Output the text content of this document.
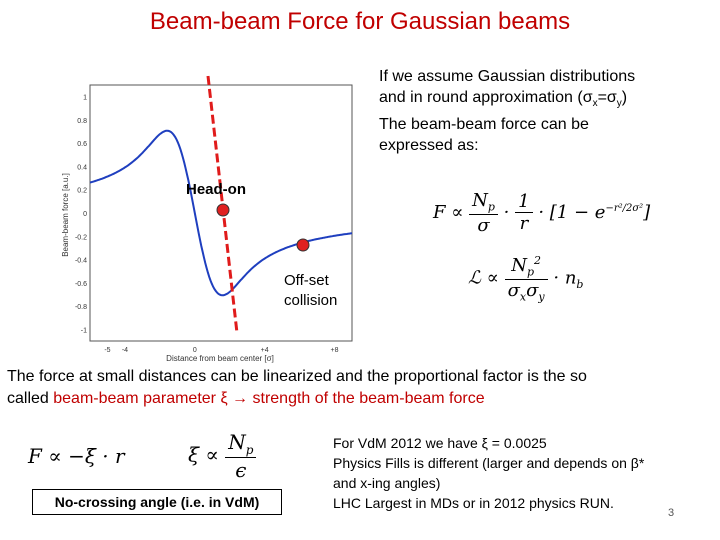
Beam-beam Force for Gaussian beams
If we assume Gaussian distributions
and in round approximation $(\sigma_x=\sigma_y)$
The beam-beam force can be
expressed as:
1
0.8
0.6
0.4
0.2
0
-0.2
-0.4
-0.6
-0.8
-1
-5 -4	0	+4	+8
Beam-beam force [a.u.]
Distance from beam center [σ]
Head-on
Off-set
collision
$F \propto \frac{N_p}{\sigma} \cdot \frac{1}{r} \cdot [1 - e^{-r^2/2\sigma^2}]$
ℒ ∝ $\frac{N_p^2}{\sigma_x\sigma_y} \cdot n_b$
The force at small distances can be linearized and the proportional factor is the so
called beam-beam parameter ξ → strength of the beam-beam force
F ∝ −ξ · r	$\xi \propto \frac{N_p}{\epsilon}$
No-crossing angle (i.e. in VdM)
For VdM 2012 we have ξ = 0.0025
Physics Fills is different (larger and depends on β*
and x-ing angles)
LHC Largest in MDs or in 2012 physics RUN.
3
